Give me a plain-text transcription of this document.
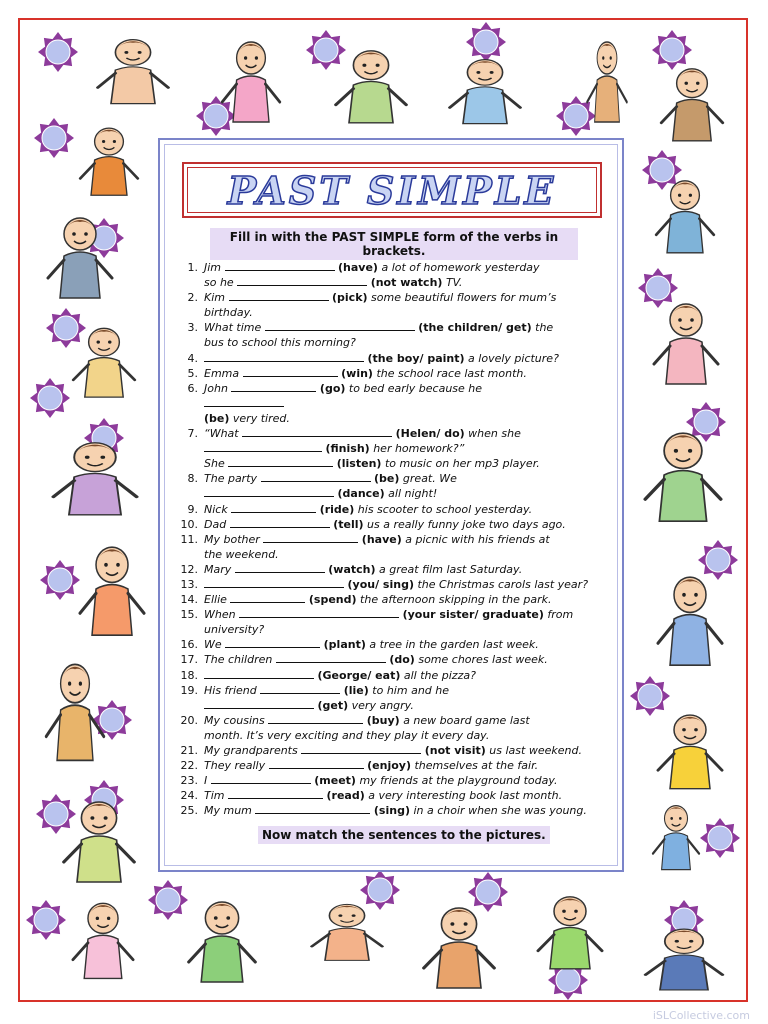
PAST SIMPLE
Fill in with the PAST SIMPLE form of the verbs in brackets.
1. Jim	(have) a lot of homework yesterday
so he	(not watch) TV.
2. Kim	(pick) some beautiful flowers for mum’s
birthday.
3. What time	(the children/ get) the
bus to school this morning?
4.	(the boy/ paint) a lovely picture?
5. Emma	(win) the school race last month.
6. John	(go) to bed early because he

(be) very tired.
7. “What	(Helen/ do) when she
(finish) her homework?”
She	(listen) to music on her mp3 player.
8. The party	(be) great. We
(dance) all night!
9. Nick	(ride) his scooter to school yesterday.
10. Dad	(tell) us a really funny joke two days ago.
11. My bother	(have) a picnic with his friends at
the weekend.
12. Mary	(watch) a great film last Saturday.
13.	(you/ sing) the Christmas carols last year?
14. Ellie	(spend) the afternoon skipping in the park.
15. When	(your sister/ graduate) from
university?
16. We	(plant) a tree in the garden last week.
17. The children	(do) some chores last week.
18.	(George/ eat) all the pizza?
19. His friend	(lie) to him and he
(get) very angry.
20. My cousins	(buy) a new board game last
month. It’s very exciting and they play it every day.
21. My grandparents	(not visit) us last weekend.
22. They really	(enjoy) themselves at the fair.
23. I	(meet) my friends at the playground today.
24. Tim	(read) a very interesting book last month.
25. My mum	(sing) in a choir when she was young.
Now match the sentences to the pictures.
iSLCollective.com
